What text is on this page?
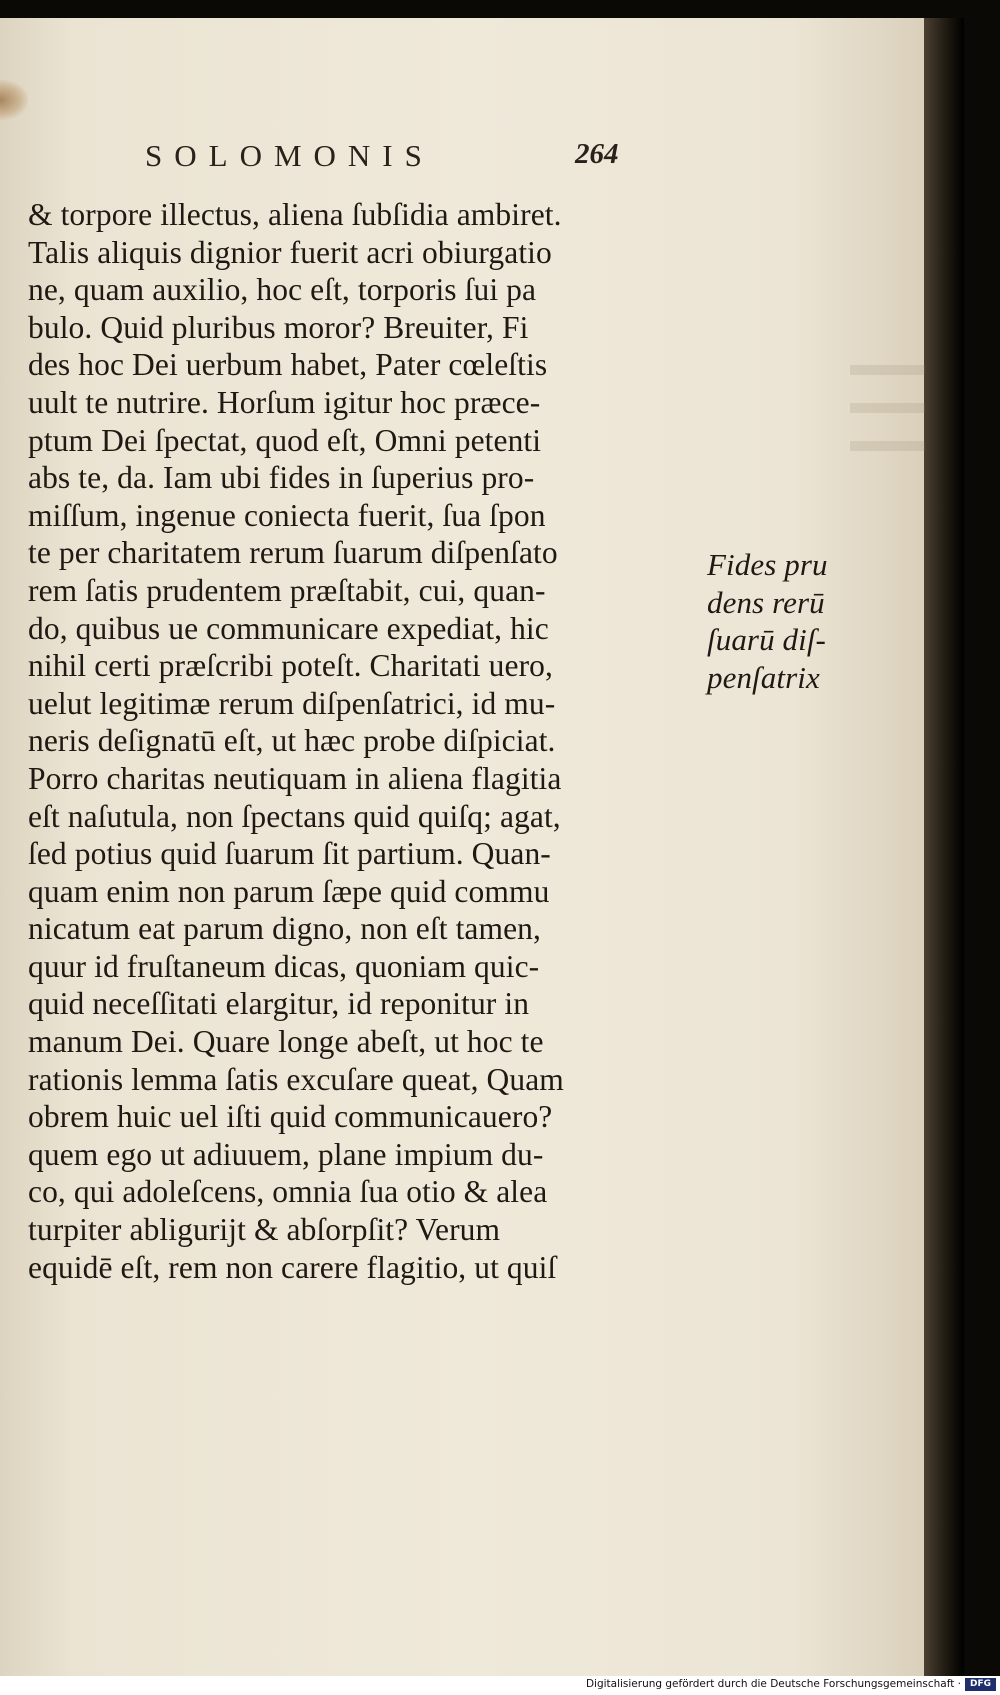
SOLOMONIS	264
& torpore illectus, aliena ſubſidia ambiret.
Talis aliquis dignior fuerit acri obiurgatio
ne, quam auxilio, hoc eſt, torporis ſui pa
bulo. Quid pluribus moror? Breuiter, Fi
des hoc Dei uerbum habet, Pater cœleſtis
uult te nutrire. Horſum igitur hoc præce-
ptum Dei ſpectat, quod eſt, Omni petenti
abs te, da. Iam ubi fides in ſuperius pro-
miſſum, ingenue coniecta fuerit, ſua ſpon
te per charitatem rerum ſuarum diſpenſato
rem ſatis prudentem præſtabit, cui, quan-
do, quibus ue communicare expediat, hic
nihil certi præſcribi poteſt. Charitati uero,
uelut legitimæ rerum diſpenſatrici, id mu-
neris deſignatū eſt, ut hæc probe diſpiciat.
Porro charitas neutiquam in aliena flagitia
eſt naſutula, non ſpectans quid quiſq; agat,
ſed potius quid ſuarum ſit partium. Quan-
quam enim non parum ſæpe quid commu
nicatum eat parum digno, non eſt tamen,
quur id fruſtaneum dicas, quoniam quic-
quid neceſſitati elargitur, id reponitur in
manum Dei. Quare longe abeſt, ut hoc te
rationis lemma ſatis excuſare queat, Quam
obrem huic uel iſti quid communicauero?
quem ego ut adiuuem, plane impium du-
co, qui adoleſcens, omnia ſua otio & alea
turpiter abligurijt & abſorpſit? Verum
equidē eſt, rem non carere flagitio, ut quiſ
Fides pru
dens rerū
ſuarū diſ-
penſatrix
Digitalisierung gefördert durch die Deutsche Forschungsgemeinschaft · DFG
